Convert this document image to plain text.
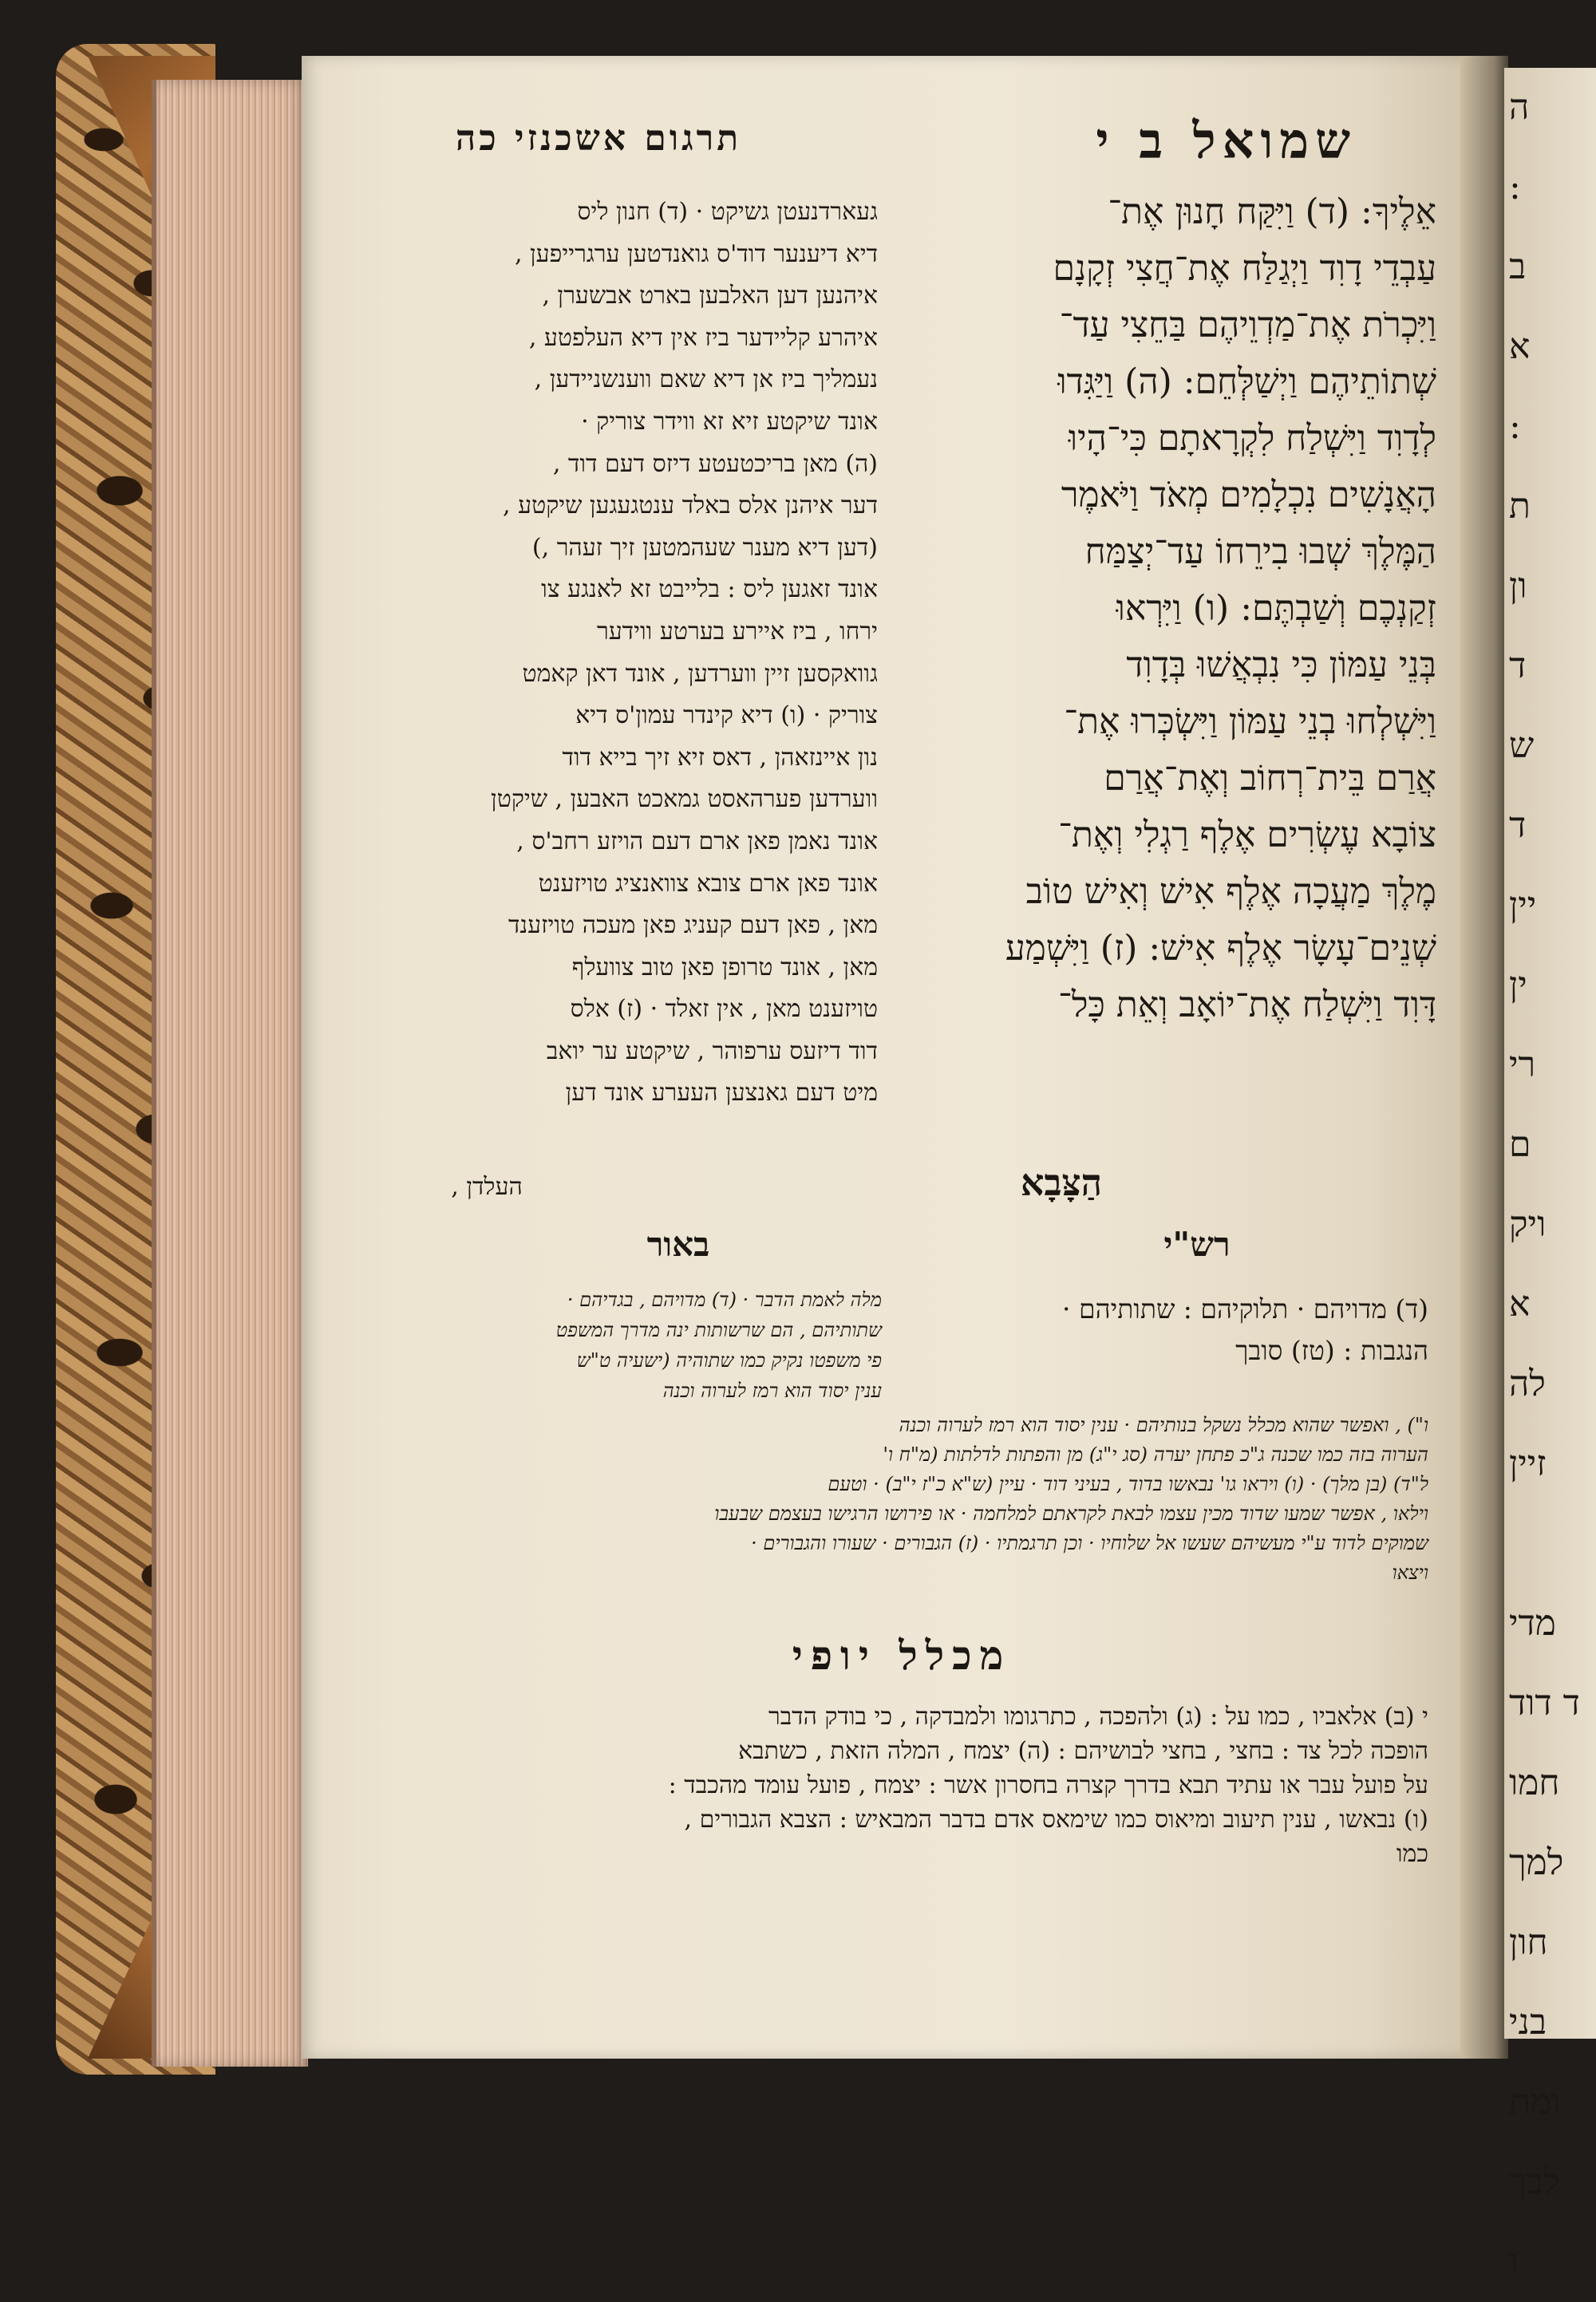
ה
:
ב
א
:
ת
ון
ד
ש
ד
יין
ין
רי
ם
ויק
א
לה
זיין
מדי
ד דוד
חמו
למך
חון
בני
ומת
לבך
ו
שמואל ב י
תרגום אשכנזי כה
אֵלֶיךָ: (ד) וַיִּקַּח חָנוּן אֶת־
עַבְדֵי דָוִד וַיְגַלַּח אֶת־חֲצִי זְקָנָם
וַיִּכְרֹת אֶת־מַדְוֵיהֶם בַּחֵצִי עַד־
שְׁתוֹתֵיהֶם וַיְשַׁלְּחֵם: (ה) וַיַּגִּדוּ
לְדָוִד וַיִּשְׁלַח לִקְרָאתָם כִּי־הָיוּ
הָאֲנָשִׁים נִכְלָמִים מְאֹד וַיֹּאמֶר
הַמֶּלֶךְ שְׁבוּ בִירֵחוֹ עַד־יְצַמַּח
זְקַנְכֶם וְשַׁבְתֶּם: (ו) וַיִּרְאוּ
בְּנֵי עַמּוֹן כִּי נִבְאֲשׁוּ בְּדָוִד
וַיִּשְׁלְחוּ בְנֵי עַמּוֹן וַיִּשְׂכְּרוּ אֶת־
אֲרַם בֵּית־רְחוֹב וְאֶת־אֲרַם
צוֹבָא עֶשְׂרִים אֶלֶף רַגְלִי וְאֶת־
מֶלֶךְ מַעֲכָה אֶלֶף אִישׁ וְאִישׁ טוֹב
שְׁנֵים־עָשָׂר אֶלֶף אִישׁ: (ז) וַיִּשְׁמַע
דָּוִד וַיִּשְׁלַח אֶת־יוֹאָב וְאֵת כָּל־
הַצָּבָא
געארדנעטן גשיקט · (ד) חנון ליס
דיא דיענער דוד'ס גואנדטען ערגרייפען ,
איהנען דען האלבען בארט אבשערן ,
איהרע קליידער ביז אין דיא העלפטע ,
נעמליך ביז אן דיא שאם ווענשניידען ,
אונד שיקטע זיא זא ווידר צוריק ·
(ה) מאן בריכטעטע דיזס דעם דוד ,
דער איהנן אלס באלד ענטגעגען שיקטע ,
(דען דיא מענר שעהמטען זיך זעהר ,)
אונד זאגען ליס : בלייבט זא לאנגע צו
ירחו , ביז איירע בערטע ווידער
גוואקסען זיין ווערדען , אונד דאן קאמט
צוריק · (ו) דיא קינדר עמון'ס דיא
נון איינזאהן , דאס זיא זיך בייא דוד
ווערדען פערהאסט גמאכט האבען , שיקטן
אונד נאמן פאן ארם דעם הויזע רחב'ס ,
אונד פאן ארם צובא צוואנציג טויזענט
מאן , פאן דעם קעניג פאן מעכה טויזענד
מאן , אונד טרופן פאן טוב צוועלף
טויזענט מאן , אין זאלד · (ז) אלס
דוד דיזעס ערפוהר , שיקטע ער יואב
מיט דעם גאנצען העערע אונד דען
העלדן ,
רש"י
באור
(ד) מדויהם · תלוקיהם : שתותיהם ·
הנגבות : (טז) סובך
מלה לאמת הדבר · (ד) מדויהם , בגדיהם ·
שתותיהם , הם שרשותות ינה מדרך המשפט
פי משפטו נקיק כמו שתוהיה (ישעיה ט"ש
ענין יסוד הוא רמז לערוה וכנה
ו") , ואפשר שהוא מכלל נשקל בנותיהם · ענין יסוד הוא רמז לערוה וכנה
הערוה בזה כמו שכנה ג"כ פתחן יערה (סג י"ג) מן והפתות לדלתות (מ"ח ו'
ל"ד) (בן מלך) · (ו) ויראו גו' נבאשו בדוד , בעיני דוד · עיין (ש"א כ"ז י"ב) · וטעם
וילאו , אפשר שמעו שדוד מכין עצמו לבאת לקראתם למלחמה · או פירושו הרגישו בעצמם שבעבו
שמוקים לדוד ע"י מעשיהם שעשו אל שלוחיו · וכן תרגמתיו · (ז) הגבורים · שעורו והגבורים ·
ויצאו
מכלל יופי
י (ב) אלאביו , כמו על : (ג) ולהפכה , כתרגומו ולמבדקה , כי בודק הדבר
הופכה לכל צד : בחצי , בחצי לבושיהם : (ה) יצמח , המלה הזאת , כשתבא
על פועל עבר או עתיד תבא בדרך קצרה בחסרון אשר : יצמח , פועל עומד מהכבד :
(ו) נבאשו , ענין תיעוב ומיאוס כמו שימאס אדם בדבר המבאיש : הצבא הגבורים ,
כמו
